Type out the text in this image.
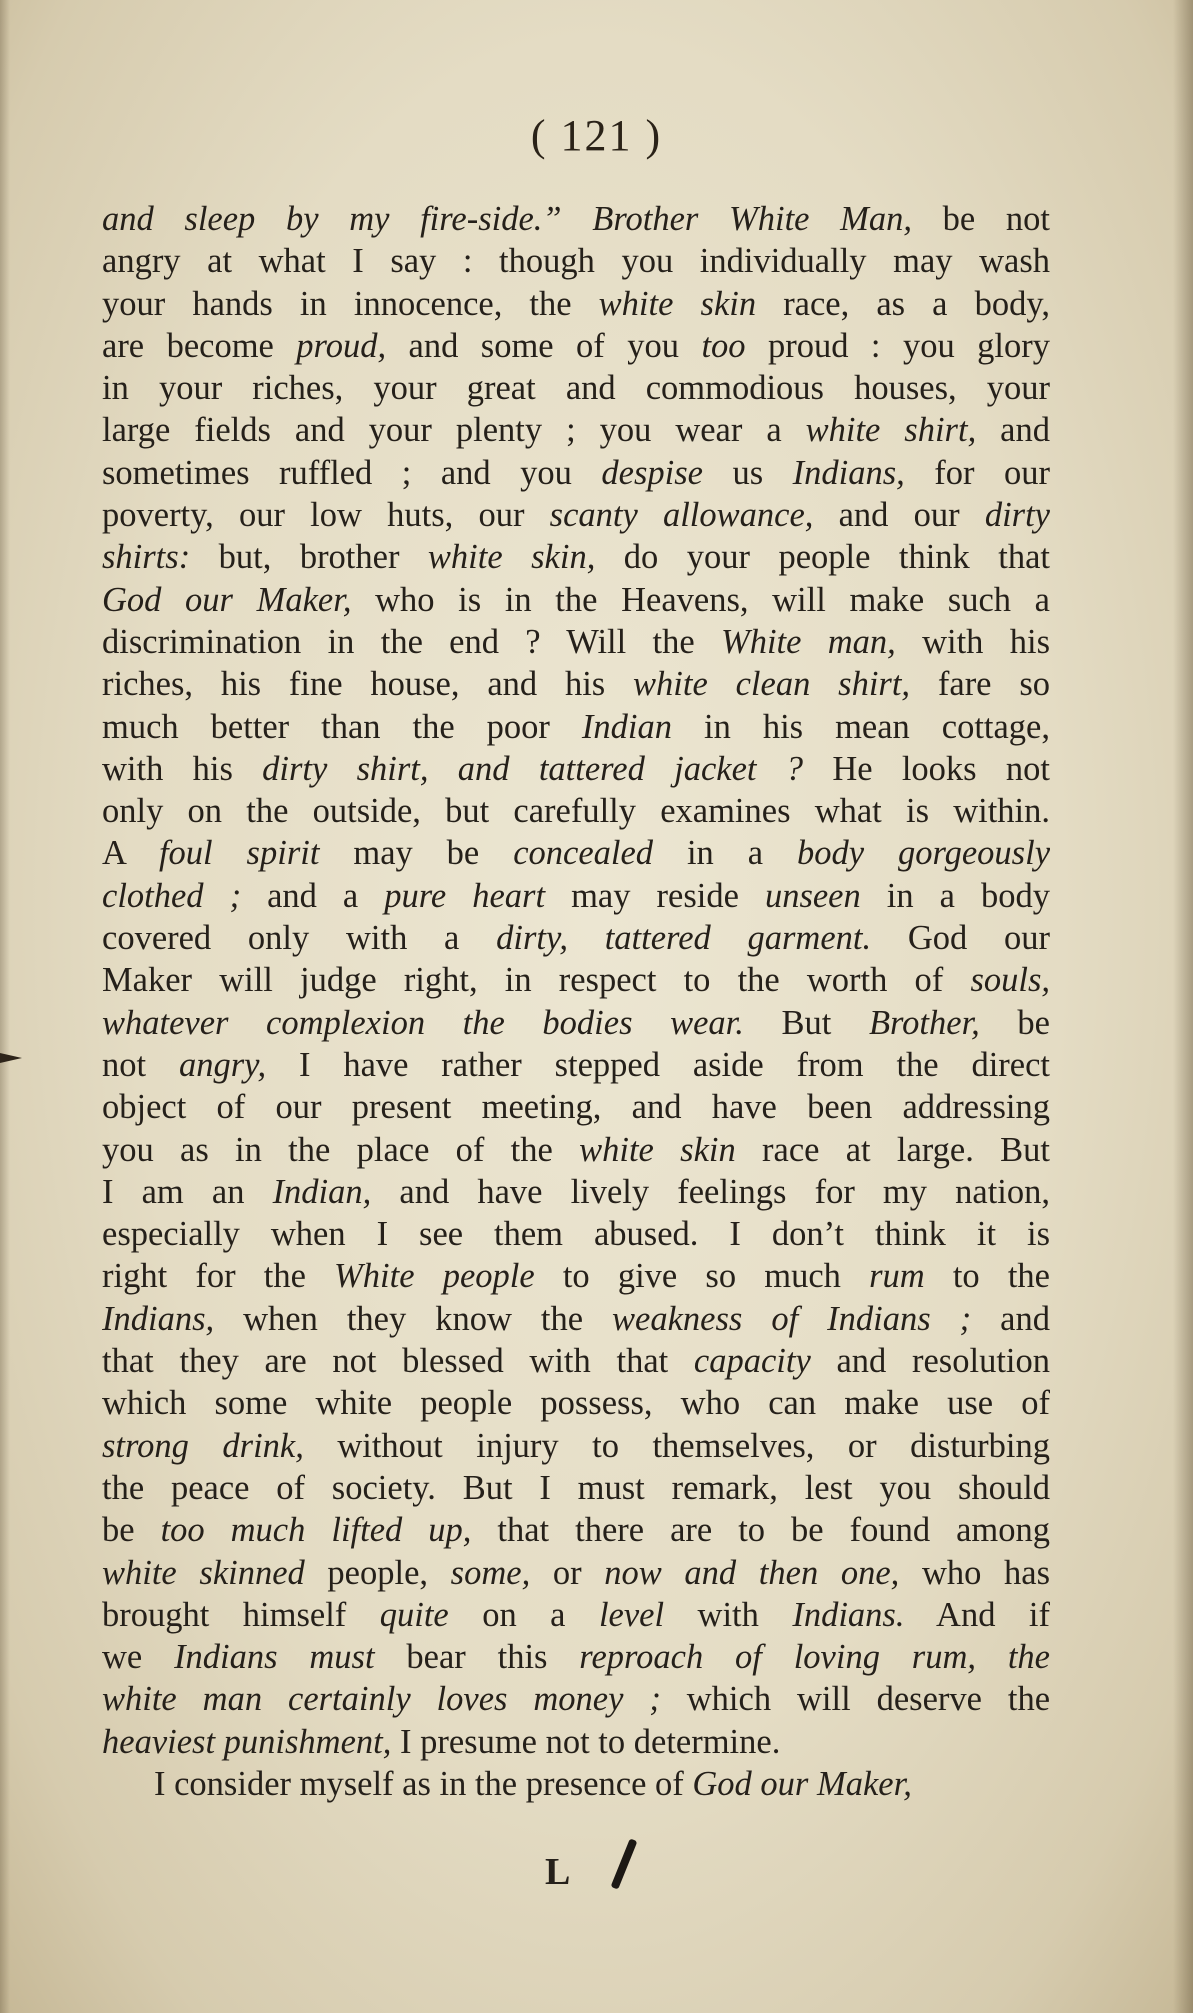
( 121 )
and sleep by my fire-side.” Brother White Man, be not
angry at what I say : though you individually may wash
your hands in innocence, the white skin race, as a body,
are become proud, and some of you too proud : you glory
in your riches, your great and commodious houses, your
large fields and your plenty ; you wear a white shirt, and
sometimes ruffled ; and you despise us Indians, for our
poverty, our low huts, our scanty allowance, and our dirty
shirts: but, brother white skin, do your people think that
God our Maker, who is in the Heavens, will make such a
discrimination in the end ? Will the White man, with his
riches, his fine house, and his white clean shirt, fare so
much better than the poor Indian in his mean cottage,
with his dirty shirt, and tattered jacket ? He looks not
only on the outside, but carefully examines what is within.
A foul spirit may be concealed in a body gorgeously
clothed ; and a pure heart may reside unseen in a body
covered only with a dirty, tattered garment. God our
Maker will judge right, in respect to the worth of souls,
whatever complexion the bodies wear. But Brother, be
not angry, I have rather stepped aside from the direct
object of our present meeting, and have been addressing
you as in the place of the white skin race at large. But
I am an Indian, and have lively feelings for my nation,
especially when I see them abused. I don’t think it is
right for the White people to give so much rum to the
Indians, when they know the weakness of Indians ; and
that they are not blessed with that capacity and resolution
which some white people possess, who can make use of
strong drink, without injury to themselves, or disturbing
the peace of society. But I must remark, lest you should
be too much lifted up, that there are to be found among
white skinned people, some, or now and then one, who has
brought himself quite on a level with Indians. And if
we Indians must bear this reproach of loving rum, the
white man certainly loves money ; which will deserve the
heaviest punishment, I presume not to determine.
I consider myself as in the presence of God our Maker,
L
